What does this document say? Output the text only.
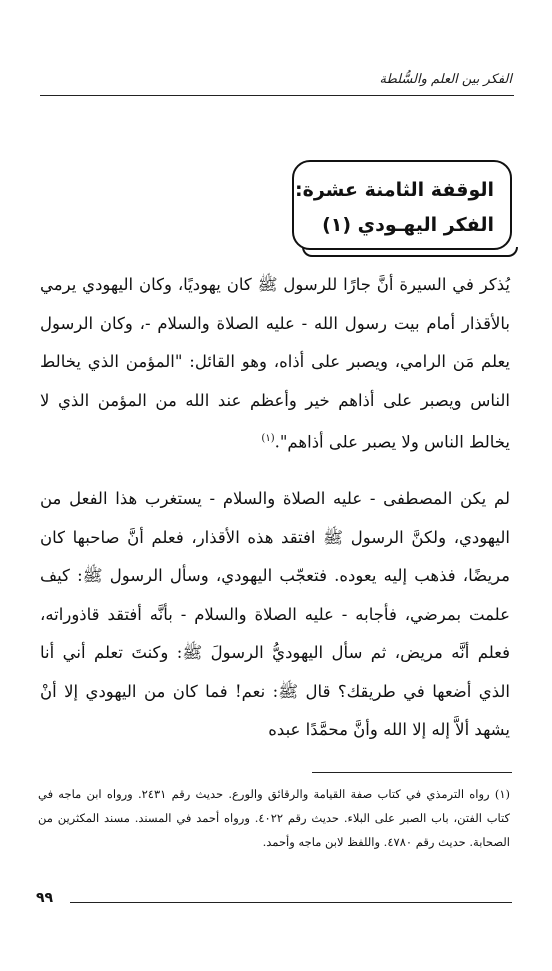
الفكر بين العلم والسُّلطة
الوقفة الثامنة عشرة:
الفكر اليهـودي (١)

يُذكر في السيرة أنَّ جارًا للرسول ﷺ كان يهوديًا، وكان اليهودي يرمي بالأقذار أمام بيت رسول الله - عليه الصلاة والسلام -، وكان الرسول يعلم مَن الرامي، ويصبر على أذاه، وهو القائل: "المؤمن الذي يخالط الناس ويصبر على أذاهم خير وأعظم عند الله من المؤمن الذي لا يخالط الناس ولا يصبر على أذاهم".$^{(١)}$

لم يكن المصطفى - عليه الصلاة والسلام - يستغرب هذا الفعل من اليهودي، ولكنَّ الرسول ﷺ افتقد هذه الأقذار، فعلم أنَّ صاحبها كان مريضًا، فذهب إليه يعوده. فتعجّب اليهودي، وسأل الرسول ﷺ: كيف علمت بمرضي، فأجابه - عليه الصلاة والسلام - بأنَّه أفتقد قاذوراته، فعلم أنَّه مريض، ثم سأل اليهوديُّ الرسولَ ﷺ: وكنتَ تعلم أني أنا الذي أضعها في طريقك؟ قال ﷺ: نعم! فما كان من اليهودي إلا أنْ يشهد ألاَّ إله إلا الله وأنَّ محمَّدًا عبده

(١) رواه الترمذي في كتاب صفة القيامة والرقائق والورع. حديث رقم ٢٤٣١. ورواه ابن ماجه في كتاب الفتن، باب الصبر على البلاء. حديث رقم ٤٠٢٢. ورواه أحمد في المسند. مسند المكثرين من الصحابة. حديث رقم ٤٧٨٠. واللفظ لابن ماجه وأحمد.

٩٩
